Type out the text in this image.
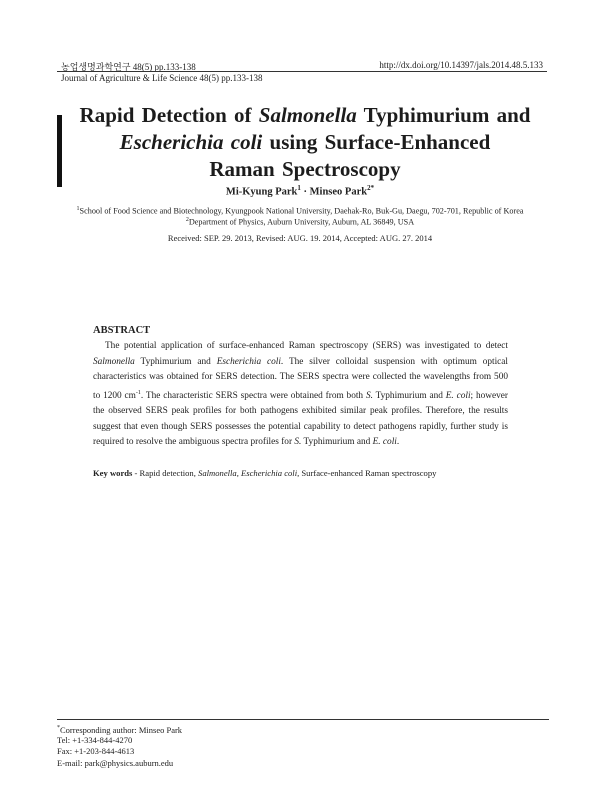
농업생명과학연구 48(5) pp.133-138
Journal of Agriculture & Life Science 48(5) pp.133-138
http://dx.doi.org/10.14397/jals.2014.48.5.133
Rapid Detection of Salmonella Typhimurium and
Escherichia coli using Surface-Enhanced
Raman Spectroscopy
Mi-Kyung Park$^1$ · Minseo Park$^{2*}$
$^1$School of Food Science and Biotechnology, Kyungpook National University, Daehak-Ro, Buk-Gu, Daegu, 702-701, Republic of Korea
$^2$Department of Physics, Auburn University, Auburn, AL 36849, USA
Received: SEP. 29. 2013, Revised: AUG. 19. 2014, Accepted: AUG. 27. 2014
ABSTRACT
The potential application of surface-enhanced Raman spectroscopy (SERS) was investigated to detect Salmonella Typhimurium and Escherichia coli. The silver colloidal suspension with optimum optical characteristics was obtained for SERS detection. The SERS spectra were collected the wavelengths from 500 to 1200 $cm^{-1}$. The characteristic SERS spectra were obtained from both S. Typhimurium and E. coli; however the observed SERS peak profiles for both pathogens exhibited similar peak profiles. Therefore, the results suggest that even though SERS possesses the potential capability to detect pathogens rapidly, further study is required to resolve the ambiguous spectra profiles for S. Typhimurium and E. coli.
Key words - Rapid detection, Salmonella, Escherichia coli, Surface-enhanced Raman spectroscopy
*Corresponding author: Minseo Park
Tel: +1-334-844-4270
Fax: +1-203-844-4613
E-mail: park@physics.auburn.edu
